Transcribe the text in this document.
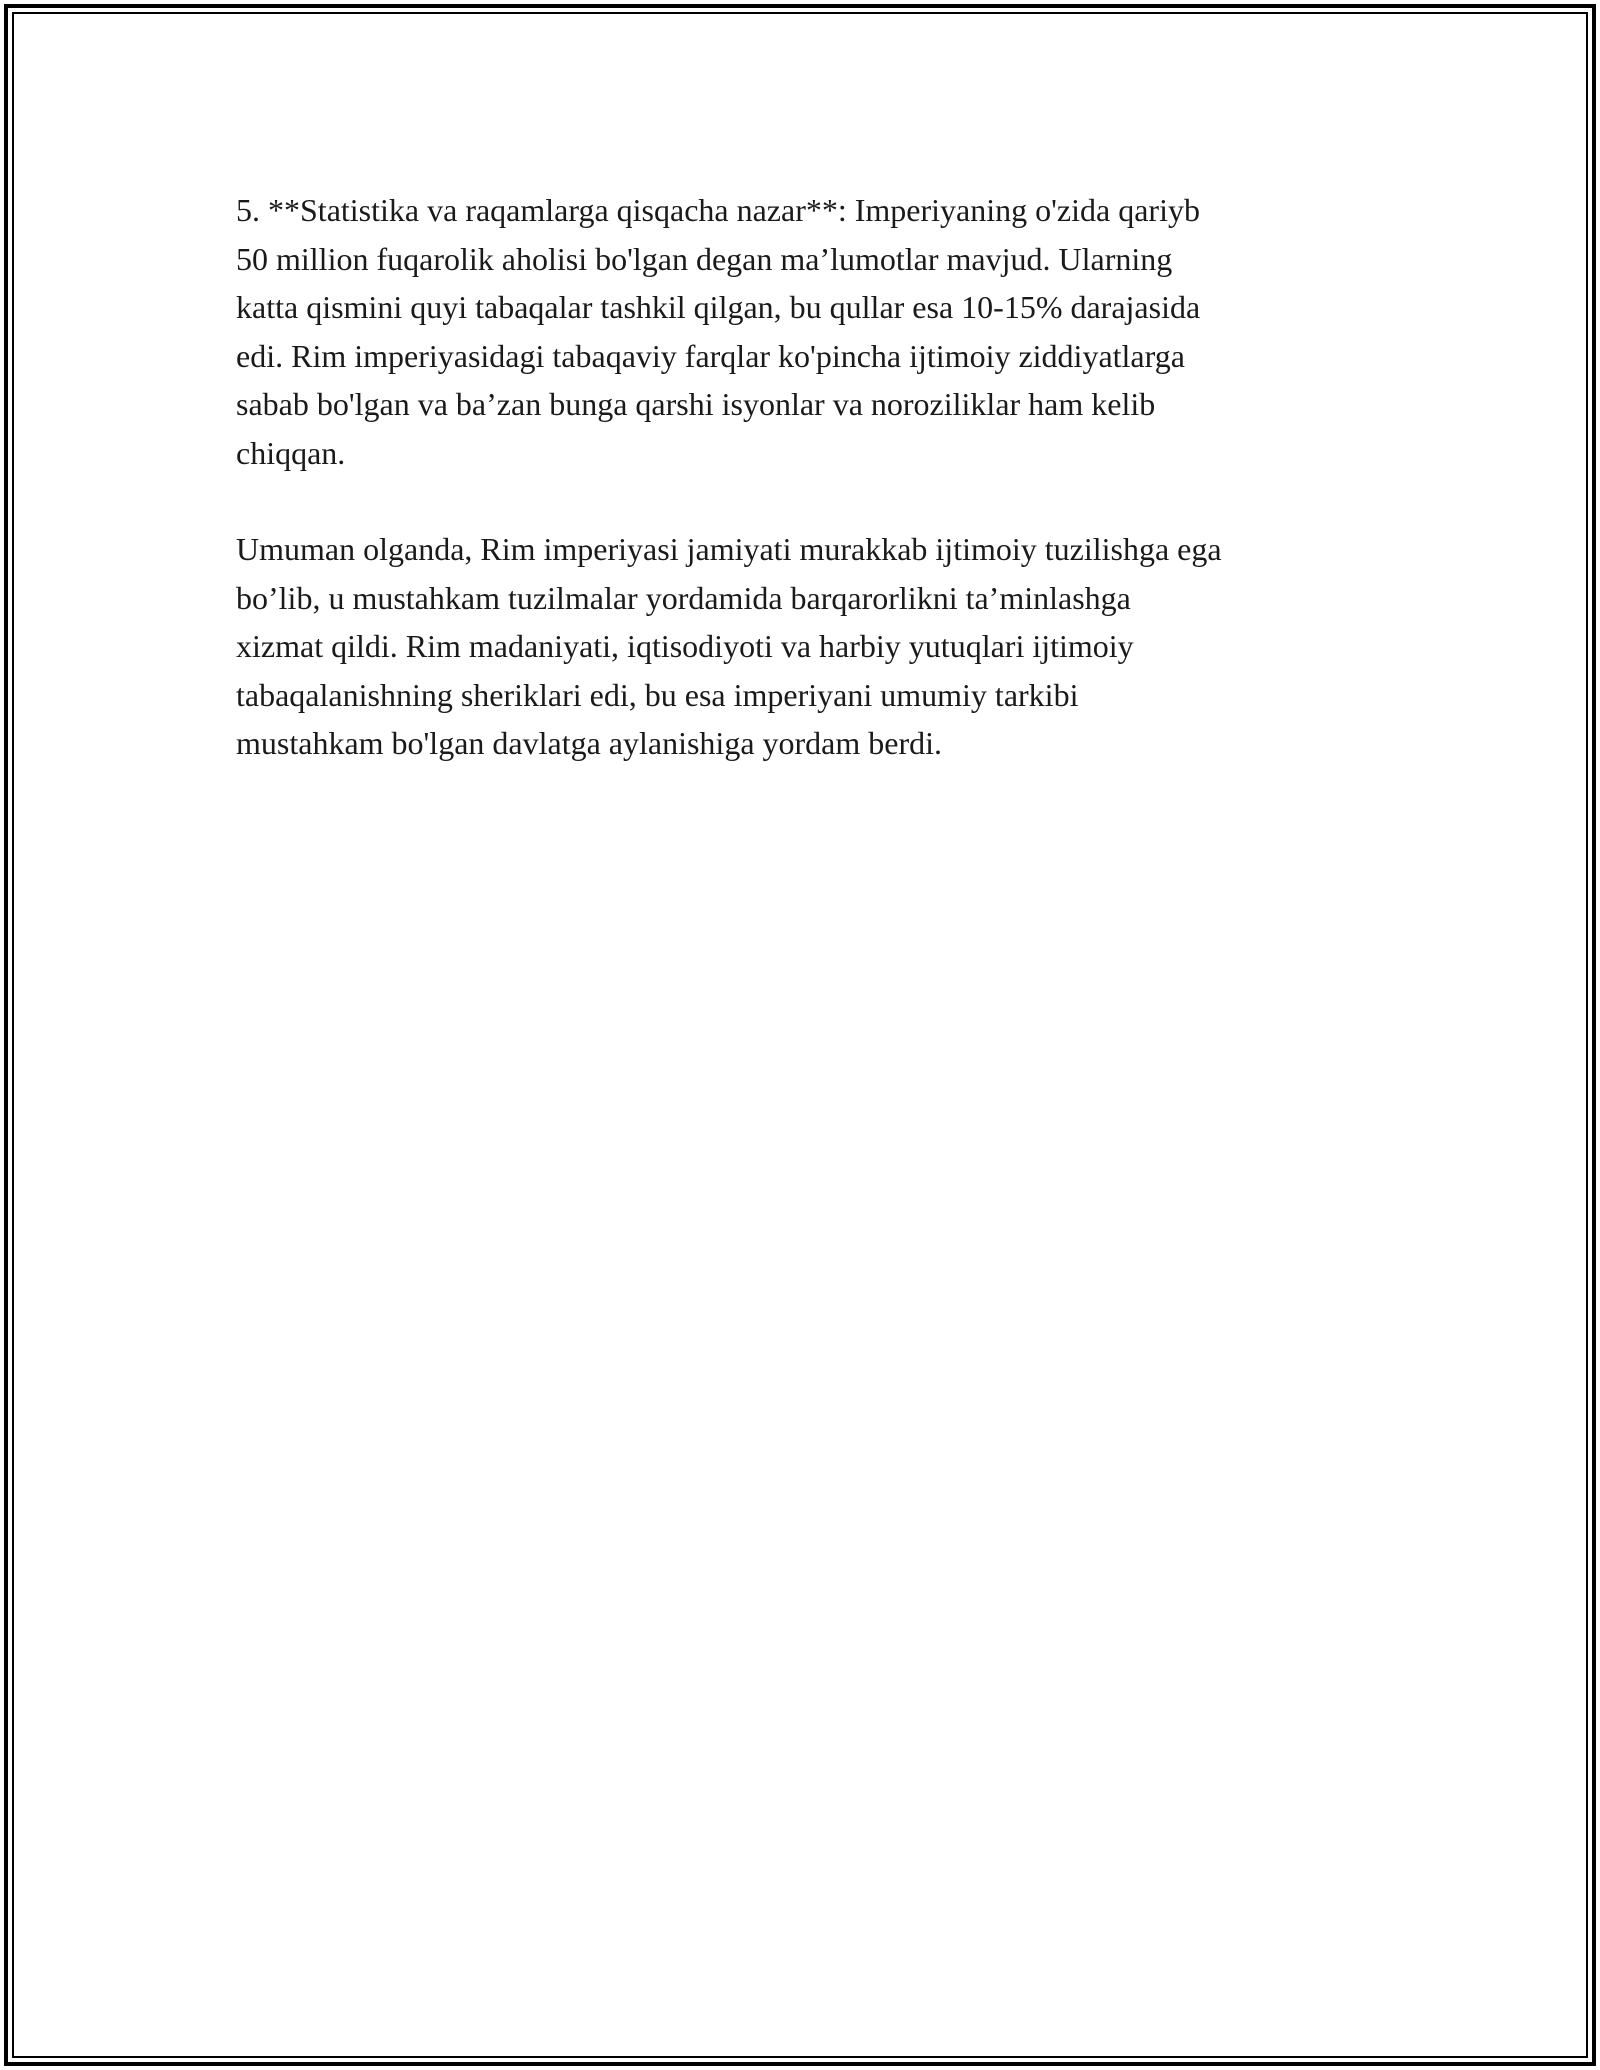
5. **Statistika va raqamlarga qisqacha nazar**: Imperiyaning o'zida qariyb
50 million fuqarolik aholisi bo'lgan degan ma’lumotlar mavjud. Ularning
katta qismini quyi tabaqalar tashkil qilgan, bu qullar esa 10-15% darajasida
edi. Rim imperiyasidagi tabaqaviy farqlar ko'pincha ijtimoiy ziddiyatlarga
sabab bo'lgan va ba’zan bunga qarshi isyonlar va noroziliklar ham kelib
chiqqan.

Umuman olganda, Rim imperiyasi jamiyati murakkab ijtimoiy tuzilishga ega
bo’lib, u mustahkam tuzilmalar yordamida barqarorlikni ta’minlashga
xizmat qildi. Rim madaniyati, iqtisodiyoti va harbiy yutuqlari ijtimoiy
tabaqalanishning sheriklari edi, bu esa imperiyani umumiy tarkibi
mustahkam bo'lgan davlatga aylanishiga yordam berdi.
